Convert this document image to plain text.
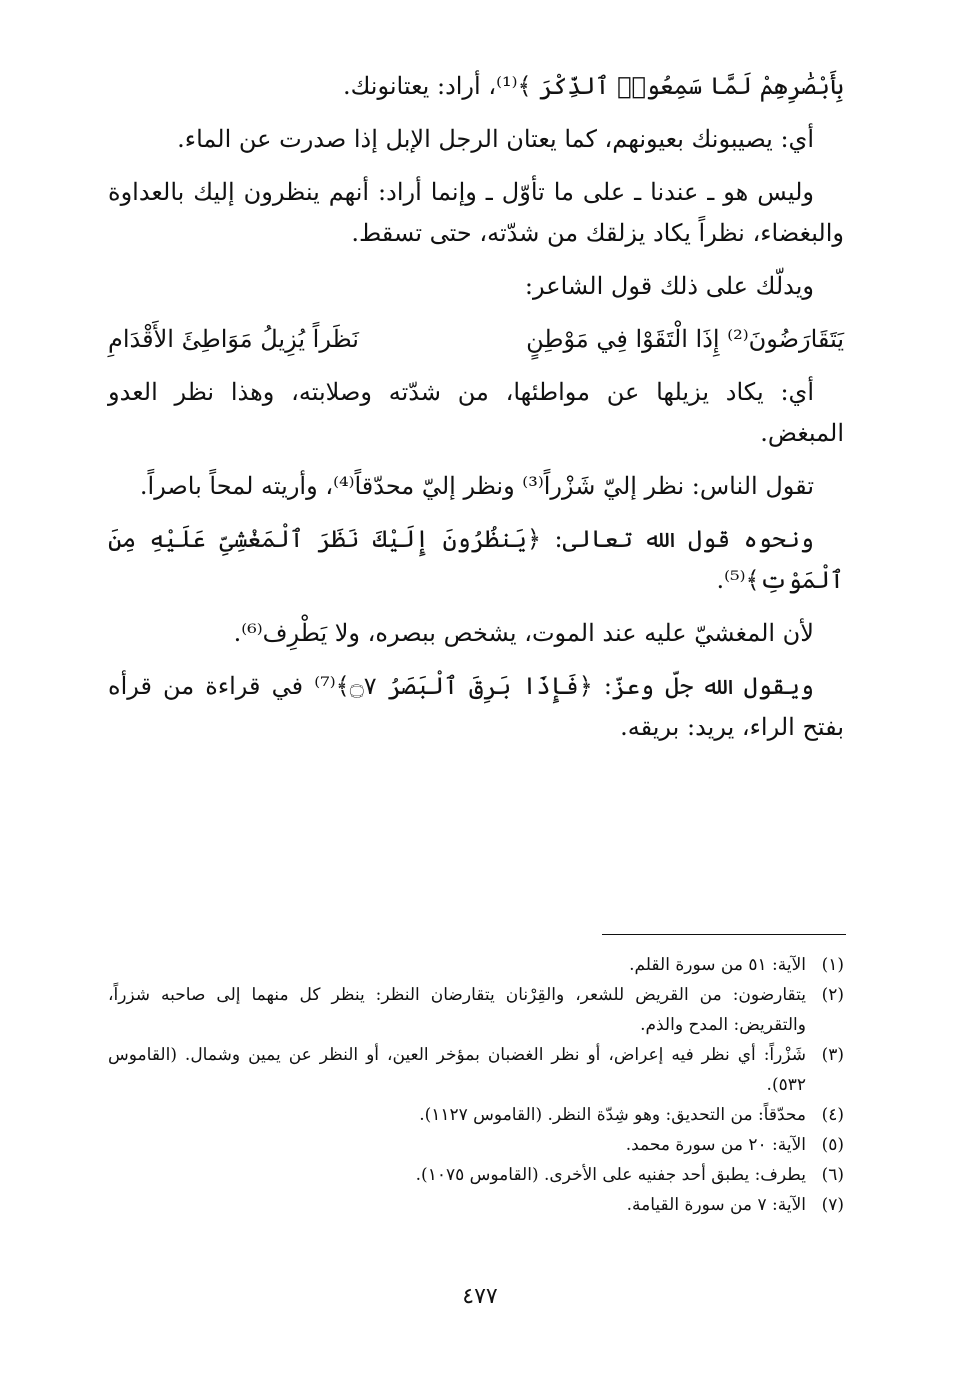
بِأَبْصَٰرِهِمْ لَمَّا سَمِعُوا۟ ٱلذِّكْرَ ﴾⁽¹⁾، أراد: يعتانونك.

أي: يصيبونك بعيونهم، كما يعتان الرجل الإبل إذا صدرت عن الماء.

وليس هو ـ عندنا ـ على ما تأوّل ـ وإنما أراد: أنهم ينظرون إليك بالعداوة والبغضاء، نظراً يكاد يزلقك من شدّته، حتى تسقط.

ويدلّك على ذلك قول الشاعر:

يَتَقَارَضُونَ⁽²⁾ إِذَا الْتَقَوْا فِي مَوْطِنٍ
نَظَراً يُزِيلُ مَوَاطِئَ الأَقْدَامِ

أي: يكاد يزيلها عن مواطئها، من شدّته وصلابته، وهذا نظر العدو المبغض.

تقول الناس: نظر إليّ شَزْراً⁽³⁾ ونظر إليّ محدّقاً⁽⁴⁾، وأريته لمحاً باصراً.

ونحوه قول الله تعالى: ﴿يَنظُرُونَ إِلَيْكَ نَظَرَ ٱلْمَغْشِىِّ عَلَيْهِ مِنَ ٱلْمَوْتِ﴾⁽⁵⁾.

لأن المغشيّ عليه عند الموت، يشخص ببصره، ولا يَطْرِف⁽⁶⁾.

ويقول الله جلّ وعزّ: ﴿فَإِذَا بَرِقَ ٱلْبَصَرُ ۝٧﴾⁽⁷⁾ في قراءة من قرأه بفتح الراء، يريد: بريقه.

(١)
الآية: ٥١ من سورة القلم.
(٢)
يتقارضون: من القريض للشعر، والقِرْنان يتقارضان النظر: ينظر كل منهما إلى صاحبه شزراً، والتقريض: المدح والذم.
(٣)
شَزْراً: أي نظر فيه إعراض، أو نظر الغضبان بمؤخر العين، أو النظر عن يمين وشمال. (القاموس ٥٣٢).
(٤)
محدّقاً: من التحديق: وهو شِدّة النظر. (القاموس ١١٢٧).
(٥)
الآية: ٢٠ من سورة محمد.
(٦)
يطرف: يطبق أحد جفنيه على الأخرى. (القاموس ١٠٧٥).
(٧)
الآية: ٧ من سورة القيامة.
٤٧٧
